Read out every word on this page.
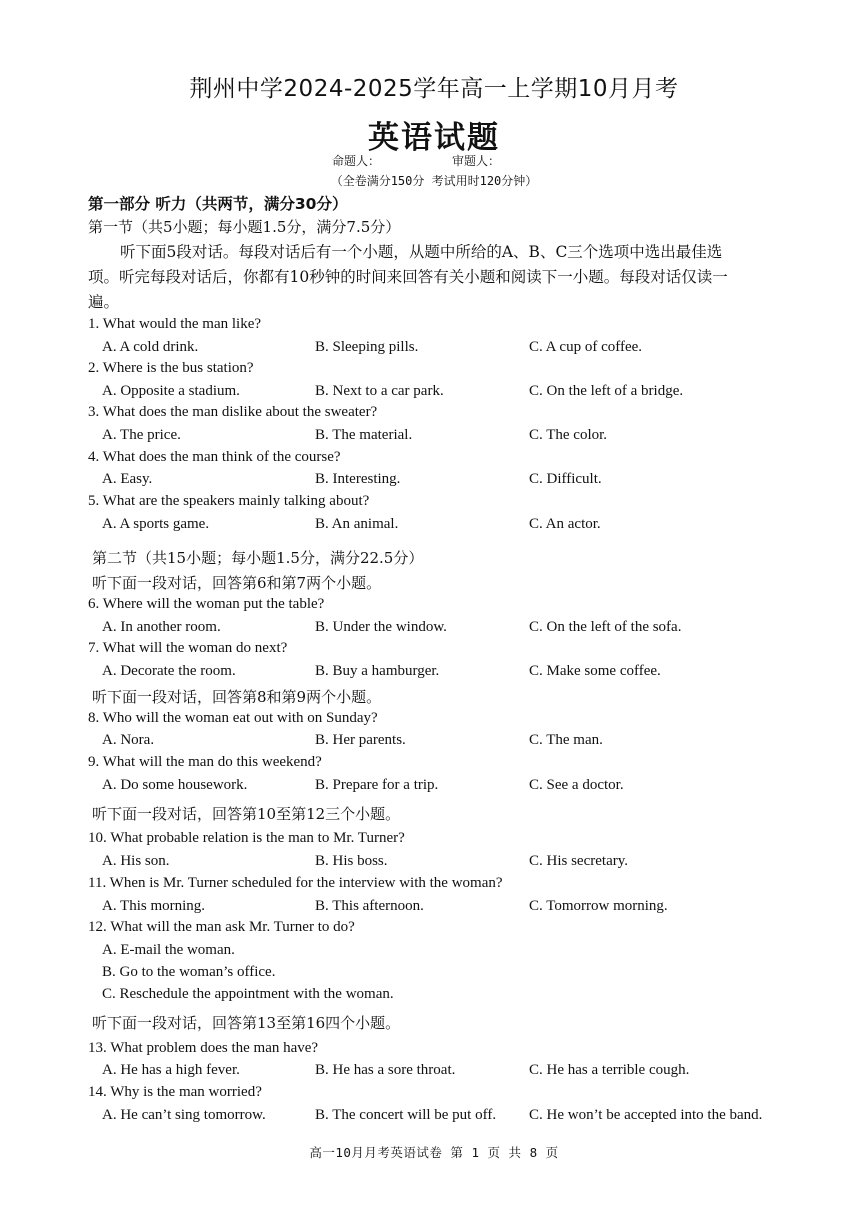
荆州中学2024-2025学年高一上学期10月月考
英语试题
命题人：	审题人：
（全卷满分150分 考试用时120分钟）
第一部分 听力（共两节，满分30分）
第一节（共5小题；每小题1.5分，满分7.5分）
听下面5段对话。每段对话后有一个小题，从题中所给的A、B、C三个选项中选出最佳选
项。听完每段对话后，你都有10秒钟的时间来回答有关小题和阅读下一小题。每段对话仅读一
遍。
1. What would the man like?
A. A cold drink.	B. Sleeping pills.	C. A cup of coffee.
2. Where is the bus station?
A. Opposite a stadium.	B. Next to a car park.	C. On the left of a bridge.
3. What does the man dislike about the sweater?
A. The price.	B. The material.	C. The color.
4. What does the man think of the course?
A. Easy.	B. Interesting.	C. Difficult.
5. What are the speakers mainly talking about?
A. A sports game.	B. An animal.	C. An actor.
第二节（共15小题；每小题1.5分，满分22.5分）
听下面一段对话，回答第6和第7两个小题。
6. Where will the woman put the table?
A. In another room.	B. Under the window.	C. On the left of the sofa.
7. What will the woman do next?
A. Decorate the room.	B. Buy a hamburger.	C. Make some coffee.
听下面一段对话，回答第8和第9两个小题。
8. Who will the woman eat out with on Sunday?
A. Nora.	B. Her parents.	C. The man.
9. What will the man do this weekend?
A. Do some housework.	B. Prepare for a trip.	C. See a doctor.
听下面一段对话，回答第10至第12三个小题。
10. What probable relation is the man to Mr. Turner?
A. His son.	B. His boss.	C. His secretary.
11. When is Mr. Turner scheduled for the interview with the woman?
A. This morning.	B. This afternoon.	C. Tomorrow morning.
12. What will the man ask Mr. Turner to do?
A. E-mail the woman.
B. Go to the woman’s office.
C. Reschedule the appointment with the woman.
听下面一段对话，回答第13至第16四个小题。
13. What problem does the man have?
A. He has a high fever.	B. He has a sore throat.	C. He has a terrible cough.
14. Why is the man worried?
A. He can’t sing tomorrow.	B. The concert will be put off. C. He won’t be accepted into the band.
高一10月月考英语试卷 第 1 页 共 8 页
